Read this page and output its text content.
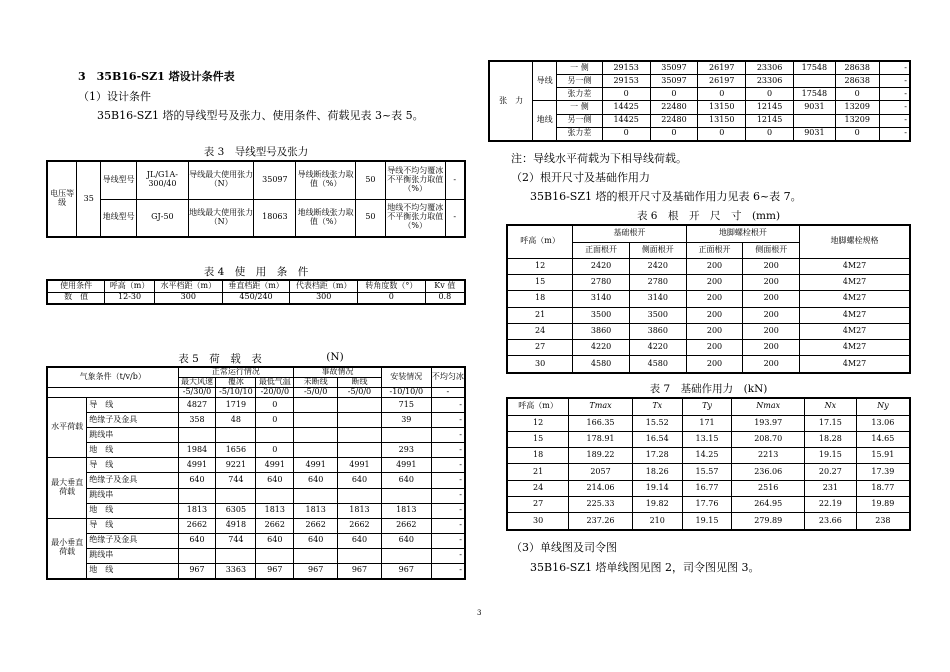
3　35B16-SZ1 塔设计条件表
（1）设计条件
35B16-SZ1 塔的导线型号及张力、使用条件、荷载见表 3~表 5。
表 3　导线型号及张力
电压等级	35	导线型号	JL/G1A-300/40	导线最大使用张力（N）	35097	导线断线张力取值（%）	50	导线不均匀覆冰不平衡张力取值（%）	-
		地线型号	GJ-50	地线最大使用张力（N）	18063	地线断线张力取值（%）	50	地线不均匀覆冰不平衡张力取值（%）	-
表 4　使　用　条　件
使用条件	呼高（m）	水平档距（m）	垂直档距（m）	代表档距（m）	转角度数（°）	Kv 值
数　值	12-30	300	450/240	300	0	0.8
表 5　荷　载　表	(N)
气象条件（t/v/b）		正常运行情况			事故情况		安装情况	不均匀冰
		最大风速	覆冰	最低气温	未断线	断线		

		-5/30/0	-5/10/10	-20/0/0	-5/0/0	-5/0/0	-10/10/0	-
水平荷载	导　线	4827	1719	0			715	-
	绝缘子及金具	358	48	0			39	-
	跳线串							-
	地　线	1984	1656	0			293	-
最大垂直荷载	导　线	4991	9221	4991	4991	4991	4991	-
	绝缘子及金具	640	744	640	640	640	640	-
	跳线串							-
	地　线	1813	6305	1813	1813	1813	1813	-
最小垂直荷载	导　线	2662	4918	2662	2662	2662	2662	-
	绝缘子及金具	640	744	640	640	640	640	-
	跳线串							-
	地　线	967	3363	967	967	967	967	-
张　力	导线	一 侧	29153	35097	26197	23306	17548	28638	-
		另一侧	29153	35097	26197	23306		28638	-
		张力差	0	0	0	0	17548	0	-
	地线	一 侧	14425	22480	13150	12145	9031	13209	-
		另一侧	14425	22480	13150	12145		13209	-
		张力差	0	0	0	0	9031	0	-
注：导线水平荷载为下相导线荷载。
（2）根开尺寸及基础作用力
35B16-SZ1 塔的根开尺寸及基础作用力见表 6~表 7。
表 6　根　开　尺　寸　(mm)
呼高（m）	基础根开		地脚螺栓根开		地脚螺栓规格
	正面根开	侧面根开	正面根开	侧面根开	
12	2420	2420	200	200	4M27
15	2780	2780	200	200	4M27
18	3140	3140	200	200	4M27
21	3500	3500	200	200	4M27
24	3860	3860	200	200	4M27
27	4220	4220	200	200	4M27
30	4580	4580	200	200	4M27
表 7　基础作用力　(kN)
呼高（m）	Tmax	Tx	Ty	Nmax	Nx	Ny
12	166.35	15.52	171	193.97	17.15	13.06
15	178.91	16.54	13.15	208.70	18.28	14.65
18	189.22	17.28	14.25	2213	19.15	15.91
21	2057	18.26	15.57	236.06	20.27	17.39
24	214.06	19.14	16.77	2516	231	18.77
27	225.33	19.82	17.76	264.95	22.19	19.89
30	237.26	210	19.15	279.89	23.66	238
（3）单线图及司令图
35B16-SZ1 塔单线图见图 2，司令图见图 3。
3
